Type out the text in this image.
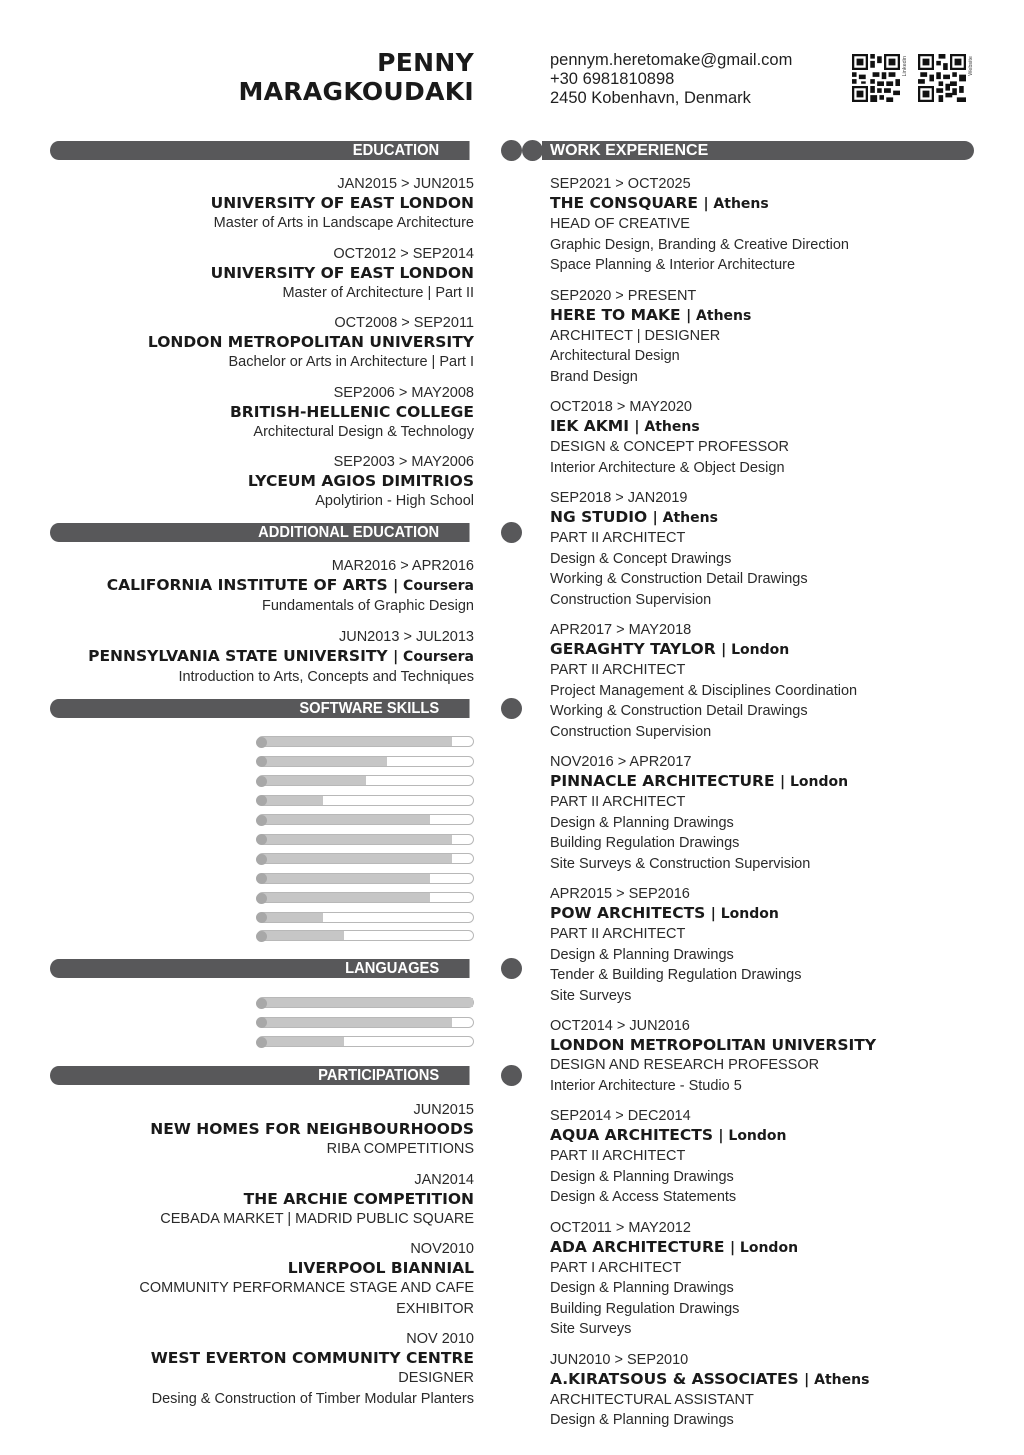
PENNY
MARAGKOUDAKI
pennym.heretomake@gmail.com
+30 6981810898
2450 Kobenhavn, Denmark
Linkedin	Website
EDUCATION	WORK EXPERIENCE
ADDITIONAL EDUCATION
SOFTWARE SKILLS
LANGUAGES
PARTICIPATIONS
JAN2015 > JUN2015
UNIVERSITY OF EAST LONDON
Master of Arts in Landscape Architecture
OCT2012 > SEP2014
UNIVERSITY OF EAST LONDON
Master of Architecture | Part II
OCT2008 > SEP2011
LONDON METROPOLITAN UNIVERSITY
Bachelor or Arts in Architecture | Part I
SEP2006 > MAY2008
BRITISH-HELLENIC COLLEGE
Architectural Design & Technology
SEP2003 > MAY2006
LYCEUM AGIOS DIMITRIOS
Apolytirion - High School
MAR2016 > APR2016
CALIFORNIA INSTITUTE OF ARTS | Coursera
Fundamentals of Graphic Design
JUN2013 > JUL2013
PENNSYLVANIA STATE UNIVERSITY | Coursera
Introduction to Arts, Concepts and Techniques
JUN2015
NEW HOMES FOR NEIGHBOURHOODS
RIBA COMPETITIONS
JAN2014
THE ARCHIE COMPETITION
CEBADA MARKET | MADRID PUBLIC SQUARE
NOV2010
LIVERPOOL BIANNIAL
COMMUNITY PERFORMANCE STAGE AND CAFE
EXHIBITOR
NOV 2010
WEST EVERTON COMMUNITY CENTRE
DESIGNER
Desing & Construction of Timber Modular Planters
SEP2021 > OCT2025
THE CONSQUARE | Athens
HEAD OF CREATIVE
Graphic Design, Branding & Creative Direction
Space Planning & Interior Architecture
SEP2020 > PRESENT
HERE TO MAKE | Athens
ARCHITECT | DESIGNER
Architectural Design
Brand Design
OCT2018 > MAY2020
IEK AKMI | Athens
DESIGN & CONCEPT PROFESSOR
Interior Architecture & Object Design
SEP2018 > JAN2019
NG STUDIO | Athens
PART II ARCHITECT
Design & Concept Drawings
Working & Construction Detail Drawings
Construction Supervision
APR2017 > MAY2018
GERAGHTY TAYLOR | London
PART II ARCHITECT
Project Management & Disciplines Coordination
Working & Construction Detail Drawings
Construction Supervision
NOV2016 > APR2017
PINNACLE ARCHITECTURE | London
PART II ARCHITECT
Design & Planning Drawings
Building Regulation Drawings
Site Surveys & Construction Supervision
APR2015 > SEP2016
POW ARCHITECTS | London
PART II ARCHITECT
Design & Planning Drawings
Tender & Building Regulation Drawings
Site Surveys
OCT2014 > JUN2016
LONDON METROPOLITAN UNIVERSITY
DESIGN AND RESEARCH PROFESSOR
Interior Architecture - Studio 5
SEP2014 > DEC2014
AQUA ARCHITECTS | London
PART II ARCHITECT
Design & Planning Drawings
Design & Access Statements
OCT2011 > MAY2012
ADA ARCHITECTURE | London
PART I ARCHITECT
Design & Planning Drawings
Building Regulation Drawings
Site Surveys
JUN2010 > SEP2010
A.KIRATSOUS & ASSOCIATES | Athens
ARCHITECTURAL ASSISTANT
Design & Planning Drawings
